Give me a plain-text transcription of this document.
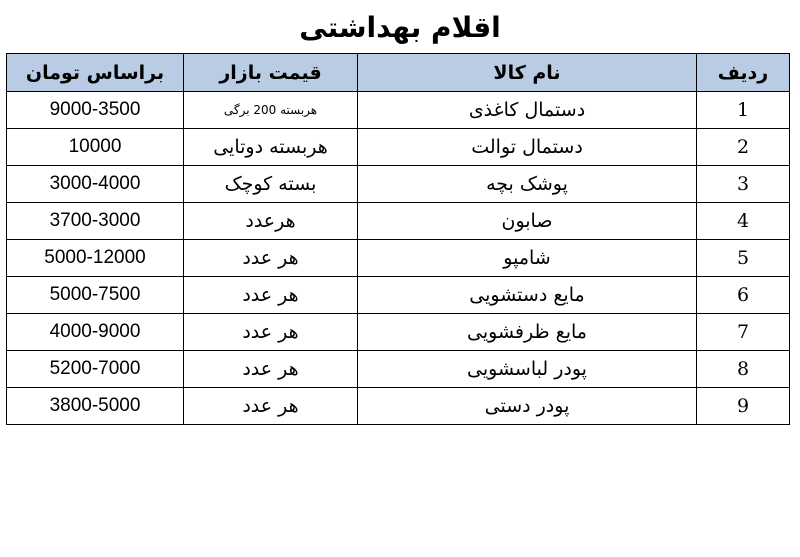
اقلام بهداشتی
ردیف	نام کالا	قیمت بازار	براساس تومان
1	دستمال کاغذی	هربسته 200 برگی	9000-3500
2	دستمال توالت	هربسته دوتایی	10000
3	پوشک بچه	بسته کوچک	3000-4000
4	صابون	هرعدد	3700-3000
5	شامپو	هر عدد	5000-12000
6	مایع دستشویی	هر عدد	5000-7500
7	مایع ظرفشویی	هر عدد	4000-9000
8	پودر لباسشویی	هر عدد	5200-7000
9	پودر دستی	هر عدد	3800-5000
